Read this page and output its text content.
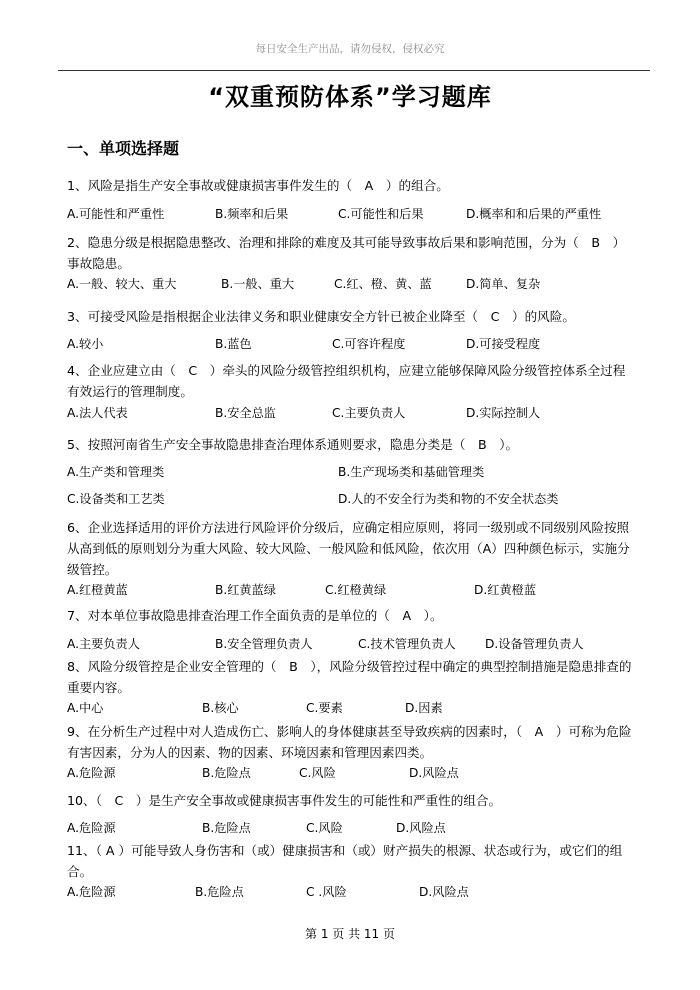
每日安全生产出品，请勿侵权，侵权必究
“双重预防体系”学习题库
一、单项选择题
1、风险是指生产安全事故或健康损害事件发生的（　A　）的组合。
A.可能性和严重性	B.频率和后果	C.可能性和后果	D.概率和和后果的严重性
2、隐患分级是根据隐患整改、治理和排除的难度及其可能导致事故后果和影响范围，分为（　B　）事故隐患。
A.一般、较大、重大	B.一般、重大	C.红、橙、黄、蓝	D.简单、复杂
3、可接受风险是指根据企业法律义务和职业健康安全方针已被企业降至（　C　）的风险。
A.较小	B.蓝色	C.可容许程度	D.可接受程度
4、企业应建立由（　C　）牵头的风险分级管控组织机构，应建立能够保障风险分级管控体系全过程有效运行的管理制度。
A.法人代表	B.安全总监	C.主要负责人	D.实际控制人
5、按照河南省生产安全事故隐患排查治理体系通则要求，隐患分类是（　B　）。
A.生产类和管理类	B.生产现场类和基础管理类
C.设备类和工艺类	D.人的不安全行为类和物的不安全状态类
6、企业选择适用的评价方法进行风险评价分级后，应确定相应原则，将同一级别或不同级别风险按照从高到低的原则划分为重大风险、较大风险、一般风险和低风险，依次用（A）四种颜色标示，实施分级管控。
A.红橙黄蓝	B.红黄蓝绿	C.红橙黄绿	D.红黄橙蓝
7、对本单位事故隐患排查治理工作全面负责的是单位的（　A　）。
A.主要负责人	B.安全管理负责人	C.技术管理负责人 D.设备管理负责人
8、风险分级管控是企业安全管理的（　B　），风险分级管控过程中确定的典型控制措施是隐患排查的重要内容。
A.中心	B.核心	C.要素	D.因素
9、在分析生产过程中对人造成伤亡、影响人的身体健康甚至导致疾病的因素时，（　A　）可称为危险有害因素，分为人的因素、物的因素、环境因素和管理因素四类。
A.危险源	B.危险点	C.风险	D.风险点
10、（　C　）是生产安全事故或健康损害事件发生的可能性和严重性的组合。
A.危险源	B.危险点	C.风险	D.风险点
11、（ A ）可能导致人身伤害和（或）健康损害和（或）财产损失的根源、状态或行为，或它们的组合。
A.危险源	B.危险点	C .风险	D.风险点
第 1 页 共 11 页
